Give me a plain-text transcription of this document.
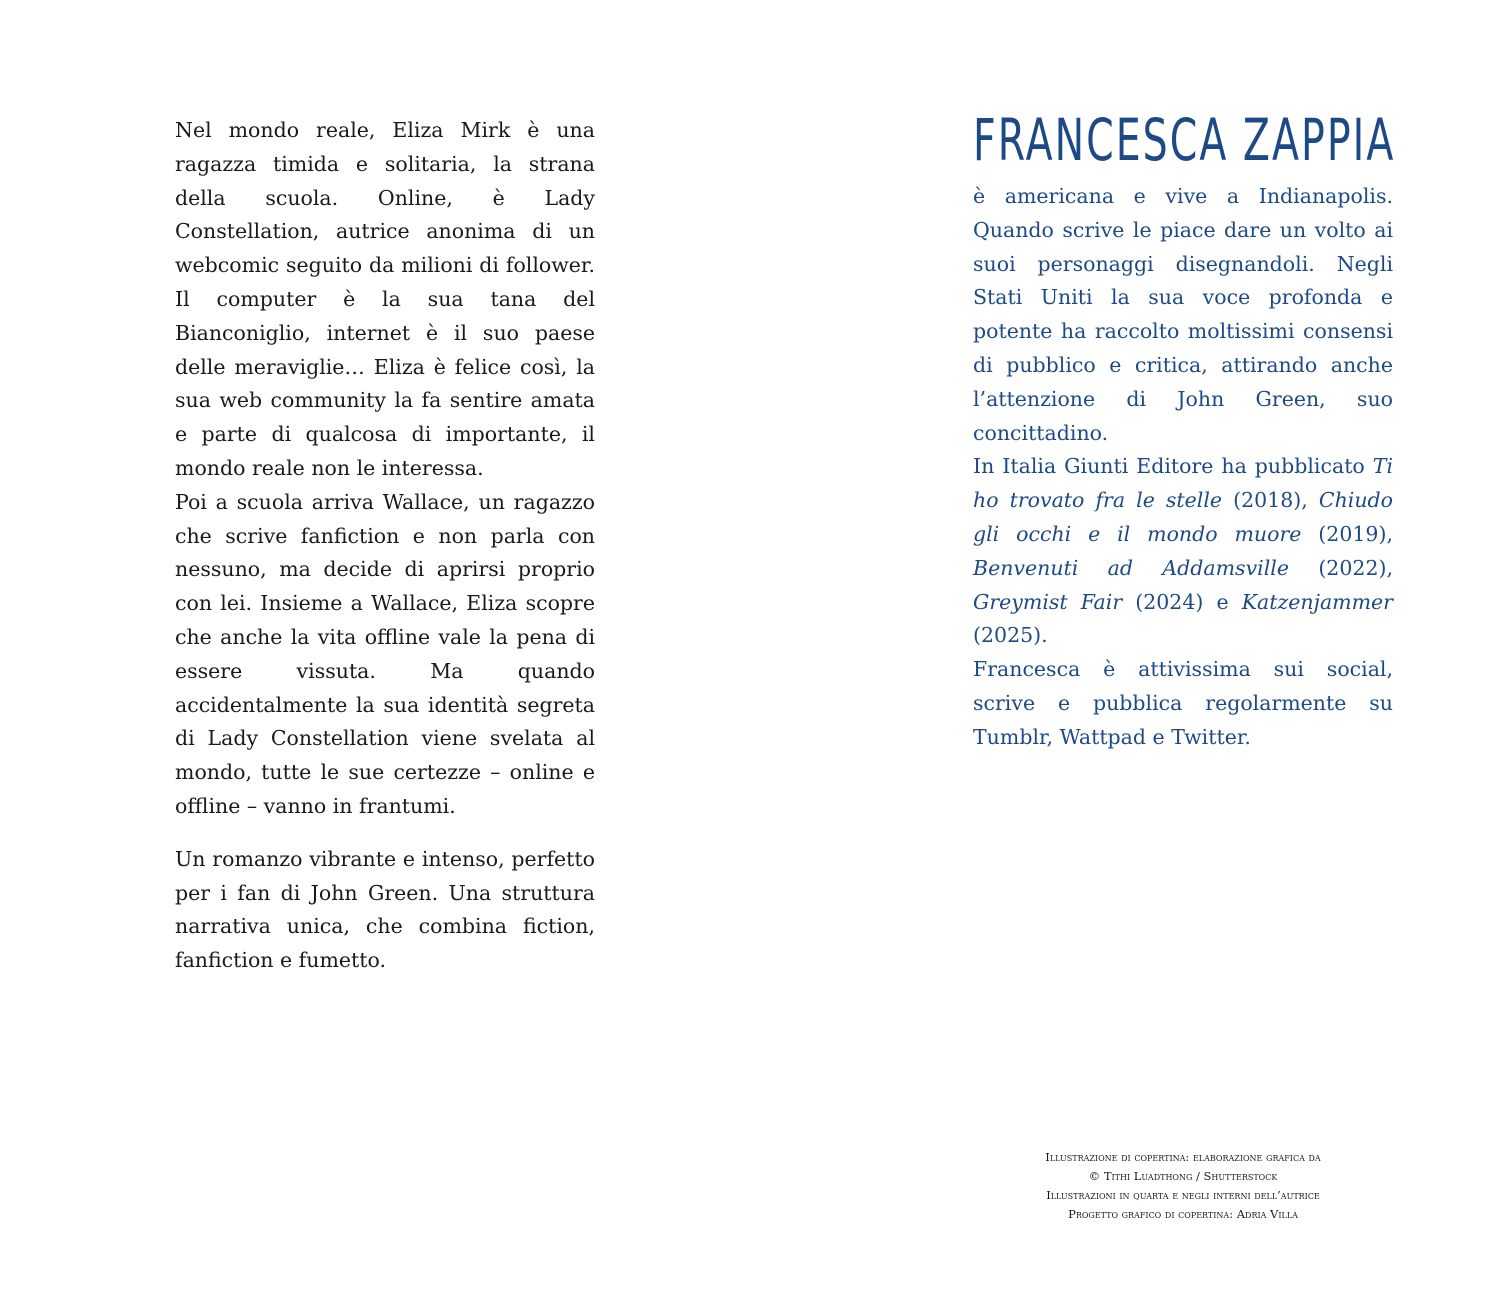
Nel mondo reale, Eliza Mirk è una ragazza timida e solitaria, la strana della scuola. Online, è Lady Constellation, autrice anonima di un webcomic seguito da milioni di follower. Il computer è la sua tana del Bianconiglio, internet è il suo paese delle meraviglie… Eliza è felice così, la sua web community la fa sentire amata e parte di qualcosa di importante, il mondo reale non le interessa.

Poi a scuola arriva Wallace, un ragazzo che scrive fanfiction e non parla con nessuno, ma decide di aprirsi proprio con lei. Insieme a Wallace, Eliza scopre che anche la vita offline vale la pena di essere vissuta. Ma quando accidentalmente la sua identità segreta di Lady Constellation viene svelata al mondo, tutte le sue certezze – online e offline – vanno in frantumi.

Un romanzo vibrante e intenso, perfetto per i fan di John Green. Una struttura narrativa unica, che combina fiction, fanfiction e fumetto.

FRANCESCA ZAPPIA

è americana e vive a Indianapolis. Quando scrive le piace dare un volto ai suoi personaggi disegnandoli. Negli Stati Uniti la sua voce profonda e potente ha raccolto moltissimi consensi di pubblico e critica, attirando anche l’attenzione di John Green, suo concittadino.

In Italia Giunti Editore ha pubblicato Ti ho trovato fra le stelle (2018), Chiudo gli occhi e il mondo muore (2019), Benvenuti ad Addamsville (2022), Greymist Fair (2024) e Katzenjammer (2025).

Francesca è attivissima sui social, scrive e pubblica regolarmente su Tumblr, Wattpad e Twitter.

Illustrazione di copertina: elaborazione grafica da
© Tithi Luadthong / Shutterstock
Illustrazioni in quarta e negli interni dell’autrice
Progetto grafico di copertina: Adria Villa
